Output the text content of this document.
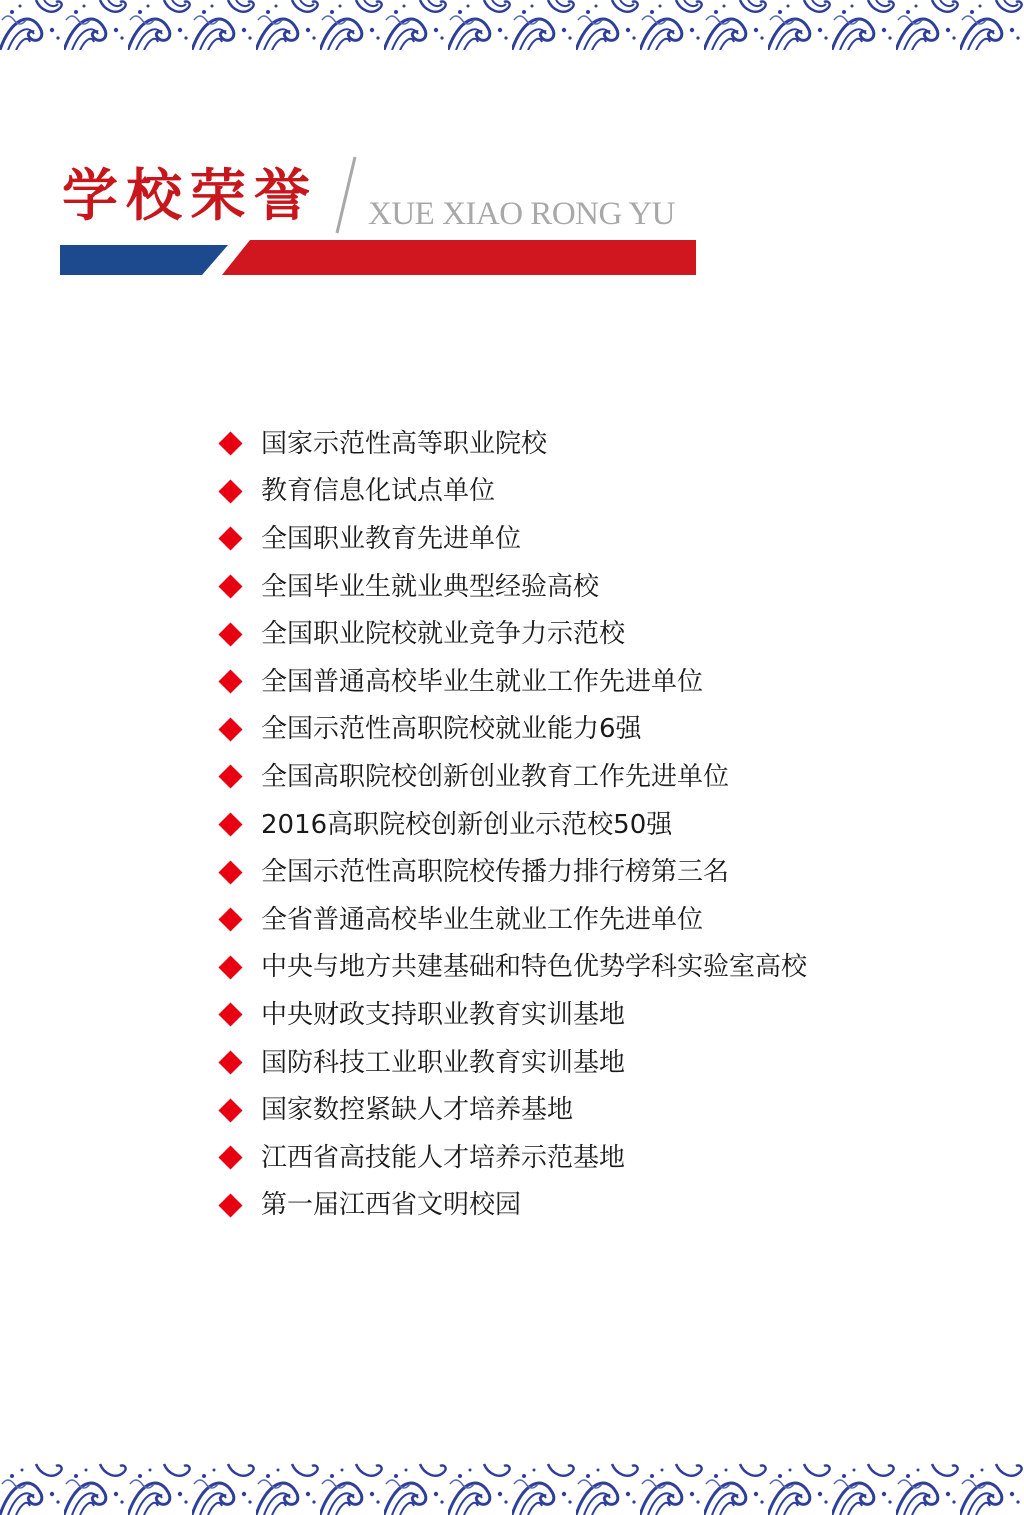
学校荣誉 XUE XIAO RONG YU
国家示范性高等职业院校
教育信息化试点单位
全国职业教育先进单位
全国毕业生就业典型经验高校
全国职业院校就业竞争力示范校
全国普通高校毕业生就业工作先进单位
全国示范性高职院校就业能力6强
全国高职院校创新创业教育工作先进单位
2016高职院校创新创业示范校50强
全国示范性高职院校传播力排行榜第三名
全省普通高校毕业生就业工作先进单位
中央与地方共建基础和特色优势学科实验室高校
中央财政支持职业教育实训基地
国防科技工业职业教育实训基地
国家数控紧缺人才培养基地
江西省高技能人才培养示范基地
第一届江西省文明校园
